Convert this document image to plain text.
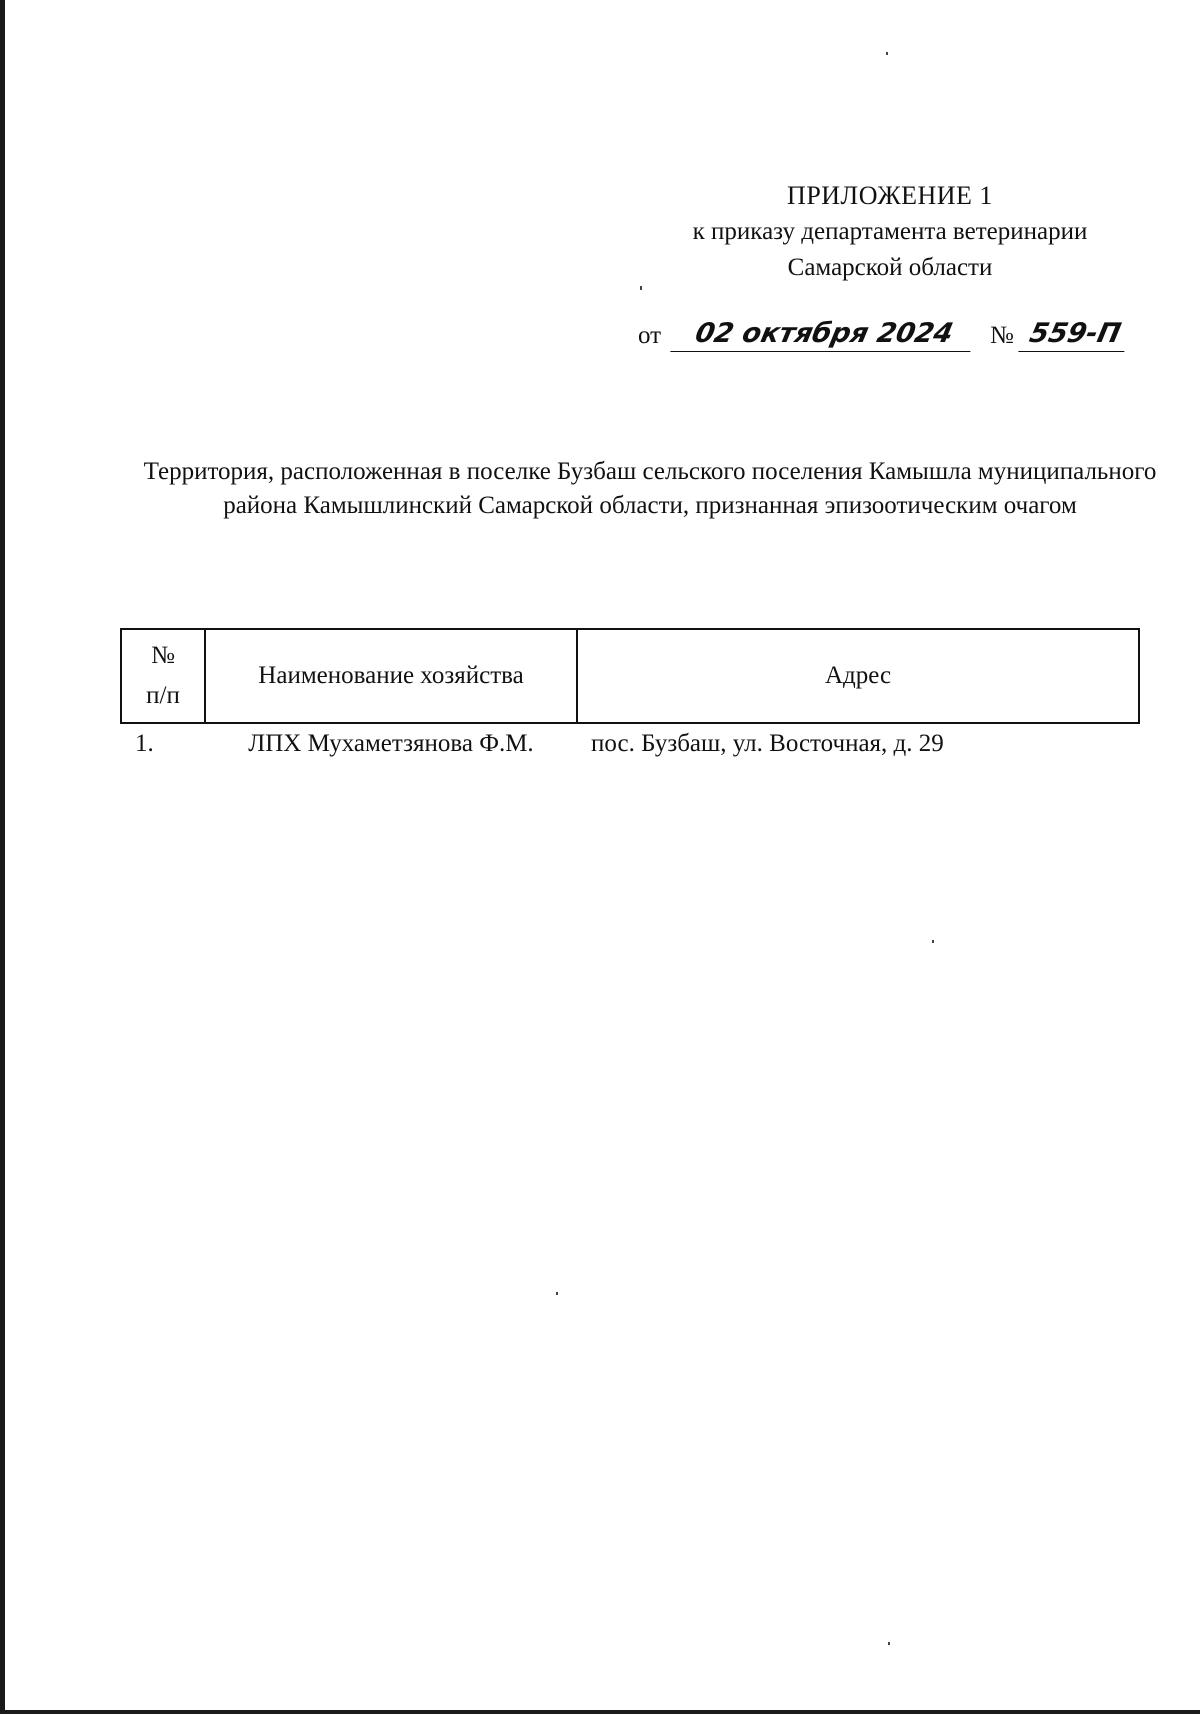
ПРИЛОЖЕНИЕ 1
к приказу департамента ветеринарии
Самарской области
от	02 октября 2024	№ 559-П
Территория, расположенная в поселке Бузбаш сельского поселения Камышла муниципального района Камышлинский Самарской области, признанная эпизоотическим очагом
№
п/п	Наименование хозяйства	Адрес
1.	ЛПХ Мухаметзянова Ф.М.	пос. Бузбаш, ул. Восточная, д. 29
